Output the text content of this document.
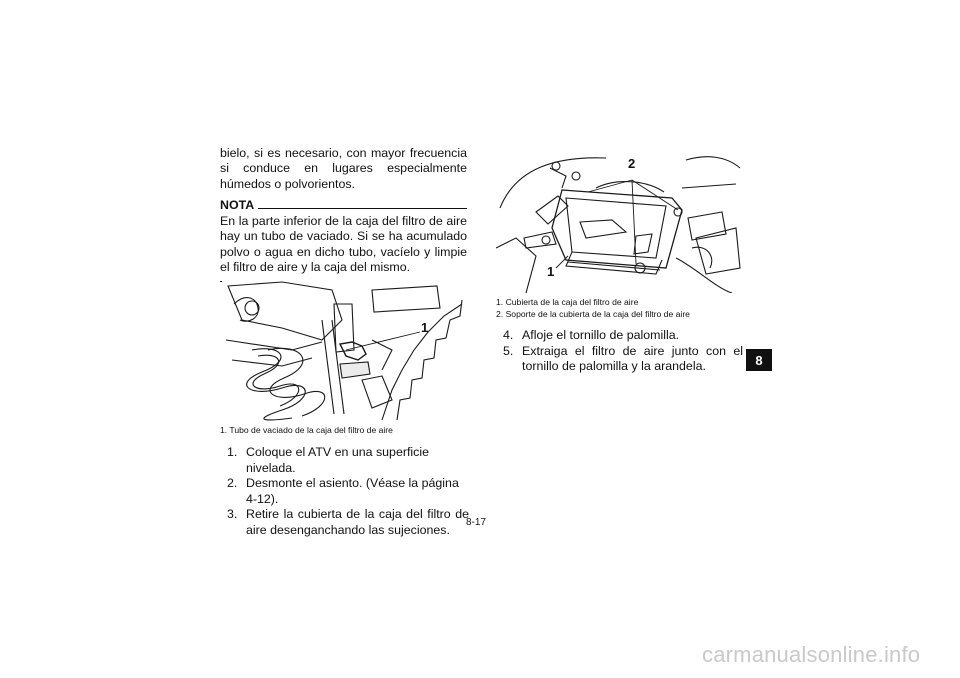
bielo, si es necesario, con mayor frecuencia si conduce en lugares especialmente húmedos o polvorientos.

NOTA

En la parte inferior de la caja del filtro de aire hay un tubo de vaciado. Si se ha acumulado polvo o agua en dicho tubo, vacíelo y limpie el filtro de aire y la caja del mismo.

1
1. Tubo de vaciado de la caja del filtro de aire
1. Coloque el ATV en una superficie nivelada.
2. Desmonte el asiento. (Véase la página 4-12).
3. Retire la cubierta de la caja del filtro de aire desenganchando las sujeciones.
1
2
1. Cubierta de la caja del filtro de aire
2. Soporte de la cubierta de la caja del filtro de aire
4. Afloje el tornillo de palomilla.
5. Extraiga el filtro de aire junto con el tornillo de palomilla y la arandela.	8
8-17
carmanualsonline.info
